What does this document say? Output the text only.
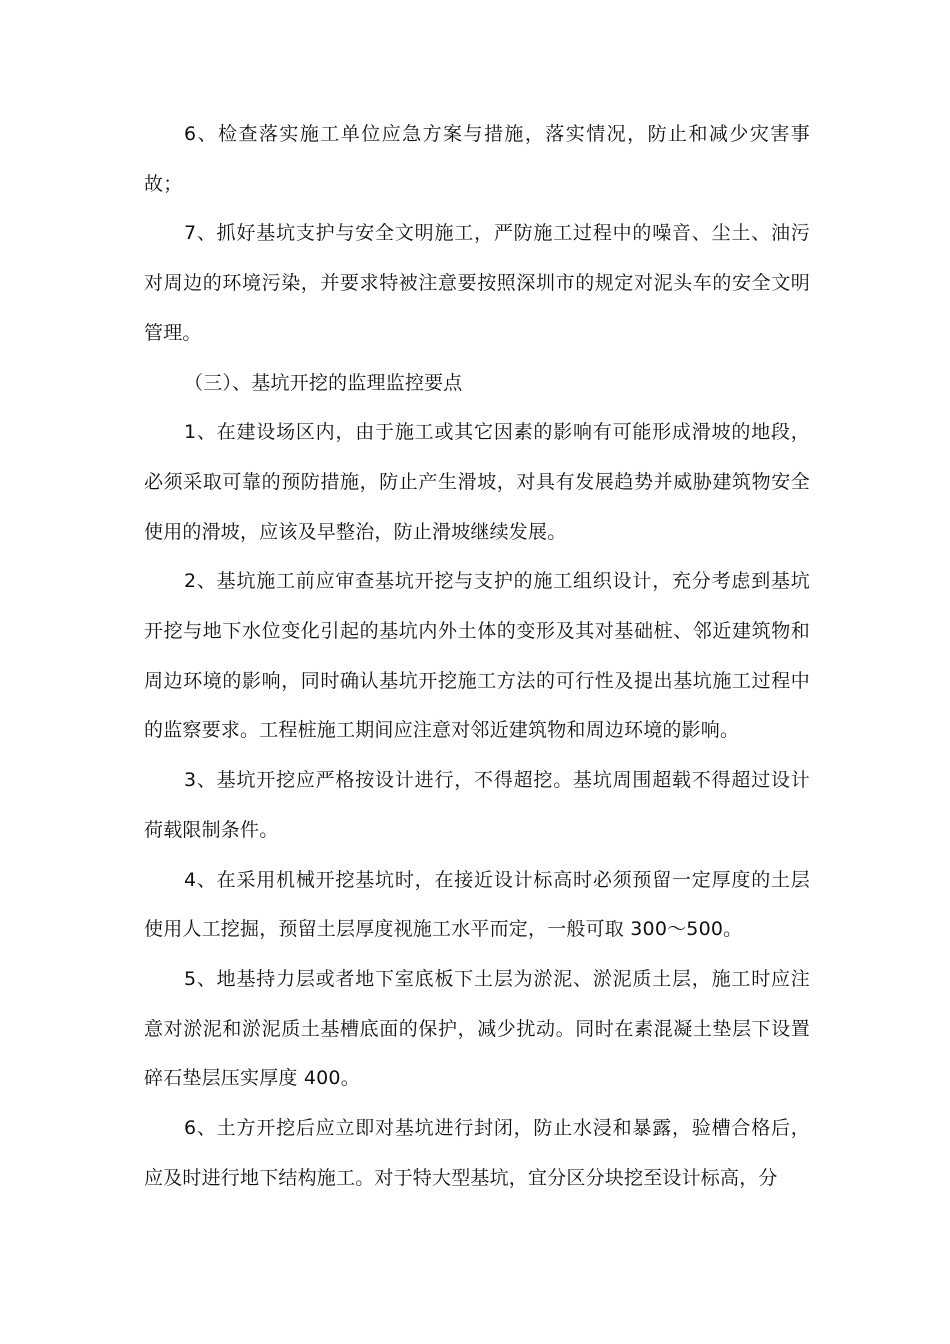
6、检查落实施工单位应急方案与措施，落实情况，防止和减少灾害事故；

7、抓好基坑支护与安全文明施工，严防施工过程中的噪音、尘土、油污对周边的环境污染，并要求特被注意要按照深圳市的规定对泥头车的安全文明管理。

（三）、基坑开挖的监理监控要点

1、在建设场区内，由于施工或其它因素的影响有可能形成滑坡的地段，必须采取可靠的预防措施，防止产生滑坡，对具有发展趋势并威胁建筑物安全使用的滑坡，应该及早整治，防止滑坡继续发展。

2、基坑施工前应审查基坑开挖与支护的施工组织设计，充分考虑到基坑开挖与地下水位变化引起的基坑内外土体的变形及其对基础桩、邻近建筑物和周边环境的影响，同时确认基坑开挖施工方法的可行性及提出基坑施工过程中的监察要求。工程桩施工期间应注意对邻近建筑物和周边环境的影响。

3、基坑开挖应严格按设计进行，不得超挖。基坑周围超载不得超过设计荷载限制条件。

4、在采用机械开挖基坑时，在接近设计标高时必须预留一定厚度的土层使用人工挖掘，预留土层厚度视施工水平而定，一般可取 300～500。

5、地基持力层或者地下室底板下土层为淤泥、淤泥质土层，施工时应注意对淤泥和淤泥质土基槽底面的保护，减少扰动。同时在素混凝土垫层下设置碎石垫层压实厚度 400。

6、土方开挖后应立即对基坑进行封闭，防止水浸和暴露，验槽合格后，应及时进行地下结构施工。对于特大型基坑，宜分区分块挖至设计标高，分
